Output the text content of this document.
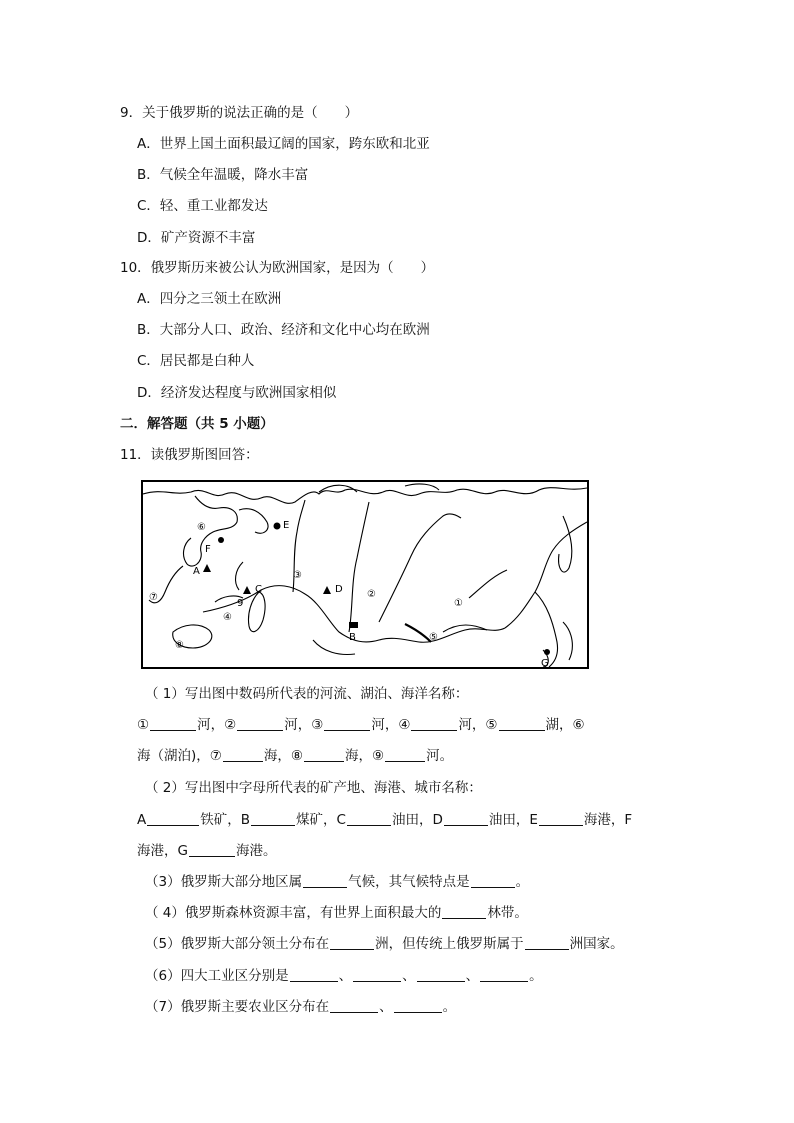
9．关于俄罗斯的说法正确的是（　　）
A．世界上国土面积最辽阔的国家，跨东欧和北亚
B．气候全年温暖，降水丰富
C．轻、重工业都发达
D．矿产资源不丰富
10．俄罗斯历来被公认为欧洲国家，是因为（　　）
A．四分之三领土在欧洲
B．大部分人口、政治、经济和文化中心均在欧洲
C．居民都是白种人
D．经济发达程度与欧洲国家相似
二．解答题（共 5 小题）
11．读俄罗斯图回答：
①
②
③
④
⑤
⑥
⑦
⑧
9
A
B
C	D
E
F
G
（ 1）写出图中数码所代表的河流、湖泊、海洋名称：
①	河，②	河，③	河，④	河，⑤	湖，⑥
海（湖泊)，⑦	海，⑧	海，⑨	河。
（ 2）写出图中字母所代表的矿产地、海港、城市名称：
A	铁矿，B	煤矿，C	油田，D	油田，E	海港，F
海港，G	海港。
（3）俄罗斯大部分地区属	气候，其气候特点是	。
（ 4）俄罗斯森林资源丰富，有世界上面积最大的	林带。
（5）俄罗斯大部分领土分布在	洲，但传统上俄罗斯属于	洲国家。
（6）四大工业区分别是	、	、	、	。
（7）俄罗斯主要农业区分布在	、	。
